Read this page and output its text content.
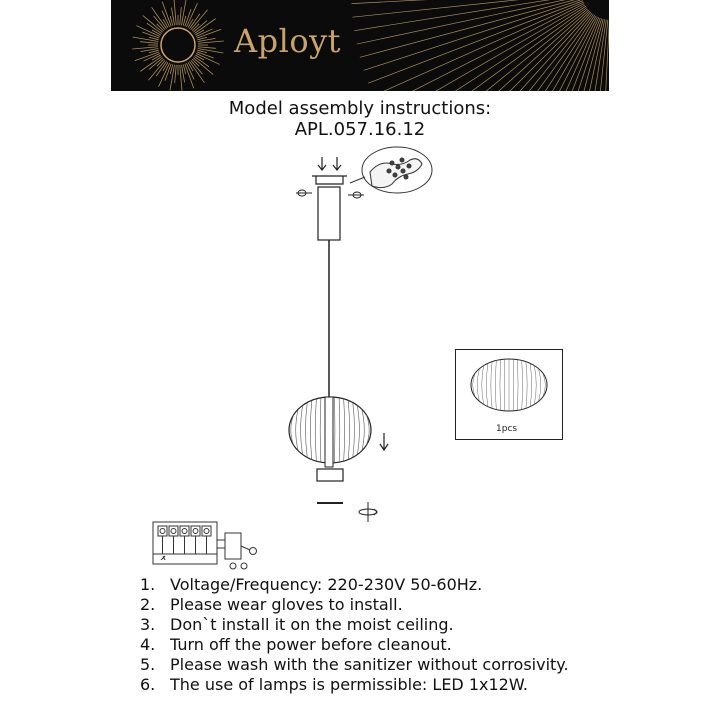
Aployt
Model assembly instructions:
APL.057.16.12
1pcs
1. Voltage/Frequency: 220-230V 50-60Hz.
2. Please wear gloves to install.
3. Don`t install it on the moist ceiling.
4. Turn off the power before cleanout.
5. Please wash with the sanitizer without corrosivity.
6. The use of lamps is permissible: LED 1x12W.
